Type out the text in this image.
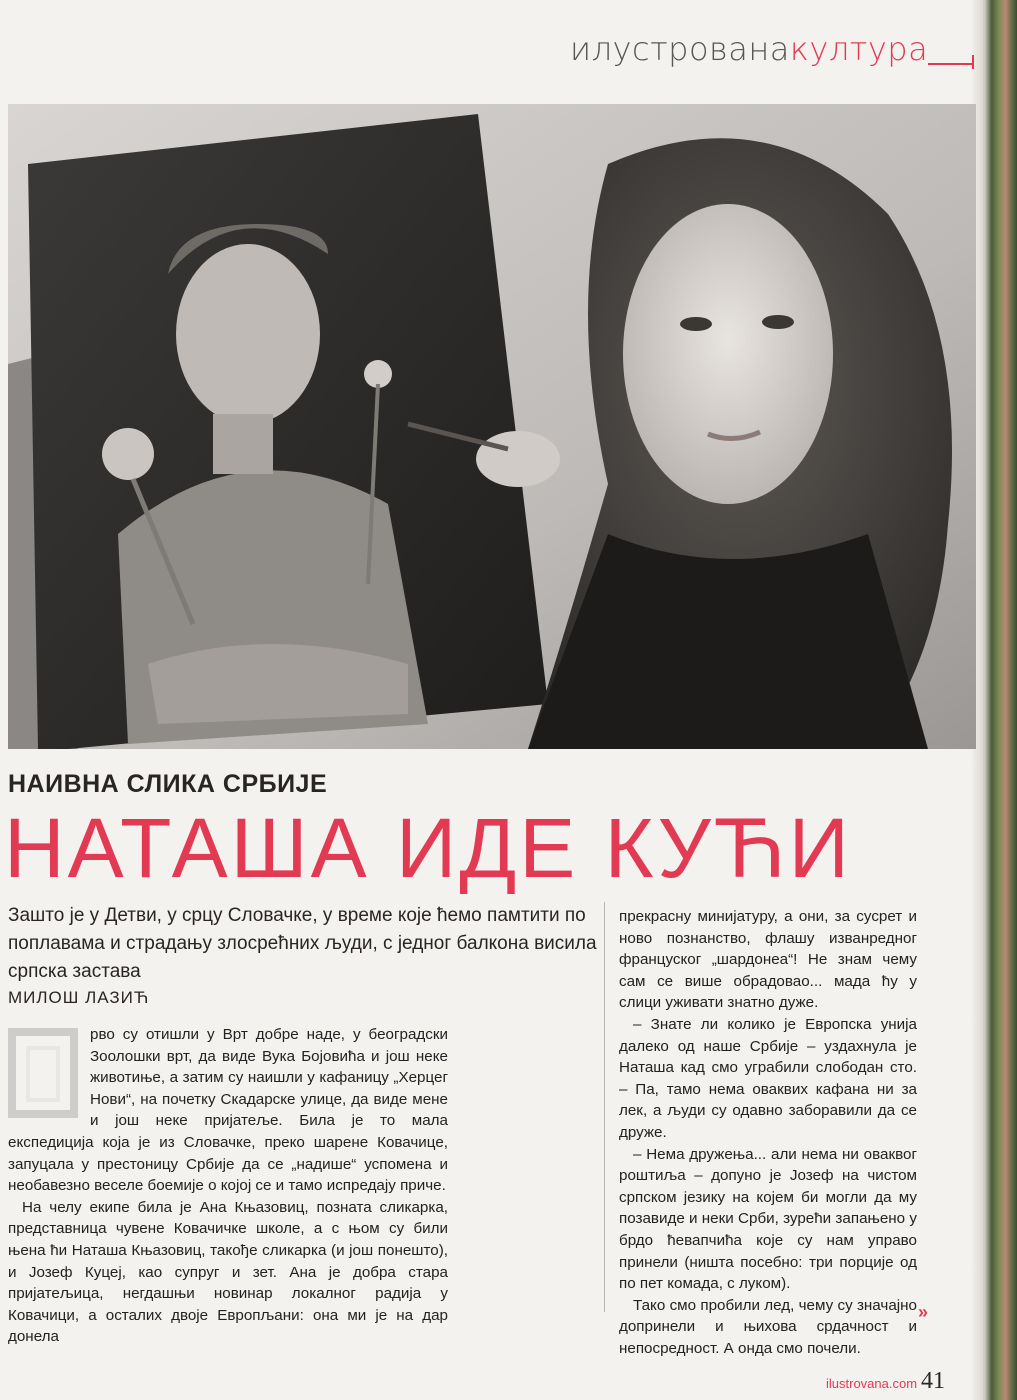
илустрованакултура
НАИВНА СЛИКА СРБИЈЕ
НАТАША ИДЕ КУЋИ
Зашто је у Детви, у срцу Словачке, у време које ћемо памтити по поплавама и страдању злосрећних људи, с једног балкона висила српска застава
МИЛОШ ЛАЗИЋ

рво су отишли у Врт добре наде, у београдски Зоолошки врт, да виде Вука Бојовића и још неке животиње, а затим су наишли у кафаницу „Херцег Нови“, на почетку Скадарске улице, да виде мене и још неке пријатеље. Била је то мала експедиција која је из Словачке, преко шарене Ковачице, запуцала у престоницу Србије да се „надише“ успомена и необавезно веселе боемије о којој се и тамо испредају приче.

На челу екипе била је Ана Књазовиц, позната сликарка, представница чувене Ковачичке школе, а с њом су били њена ћи Наташа Књазовиц, такође сликарка (и још понешто), и Јозеф Куцеј, као супруг и зет. Ана је добра стара пријатељица, негдашњи новинар локалног радија у Ковачици, а осталих двоје Европљани: она ми је на дар донела

прекрасну минијатуру, а они, за сусрет и ново познанство, флашу изванредног француског „шардонеа“! Не знам чему сам се више обрадовао... мада ћу у слици уживати знатно дуже.

– Знате ли колико је Европска унија далеко од наше Србије – уздахнула је Наташа кад смо уграбили слободан сто. – Па, тамо нема оваквих кафана ни за лек, а људи су одавно заборавили да се друже.

– Нема дружења... али нема ни оваквог роштиља – допуно је Јозеф на чистом српском језику на којем би могли да му позавиде и неки Срби, зурећи запањено у брдо ћевапчића које су нам управо принели (ништа посебно: три порције од по пет комада, с луком).

Тако смо пробили лед, чему су значајно допринели и њихова срдачност и непосредност. А онда смо почели.

»
ilustrovana.com 41
